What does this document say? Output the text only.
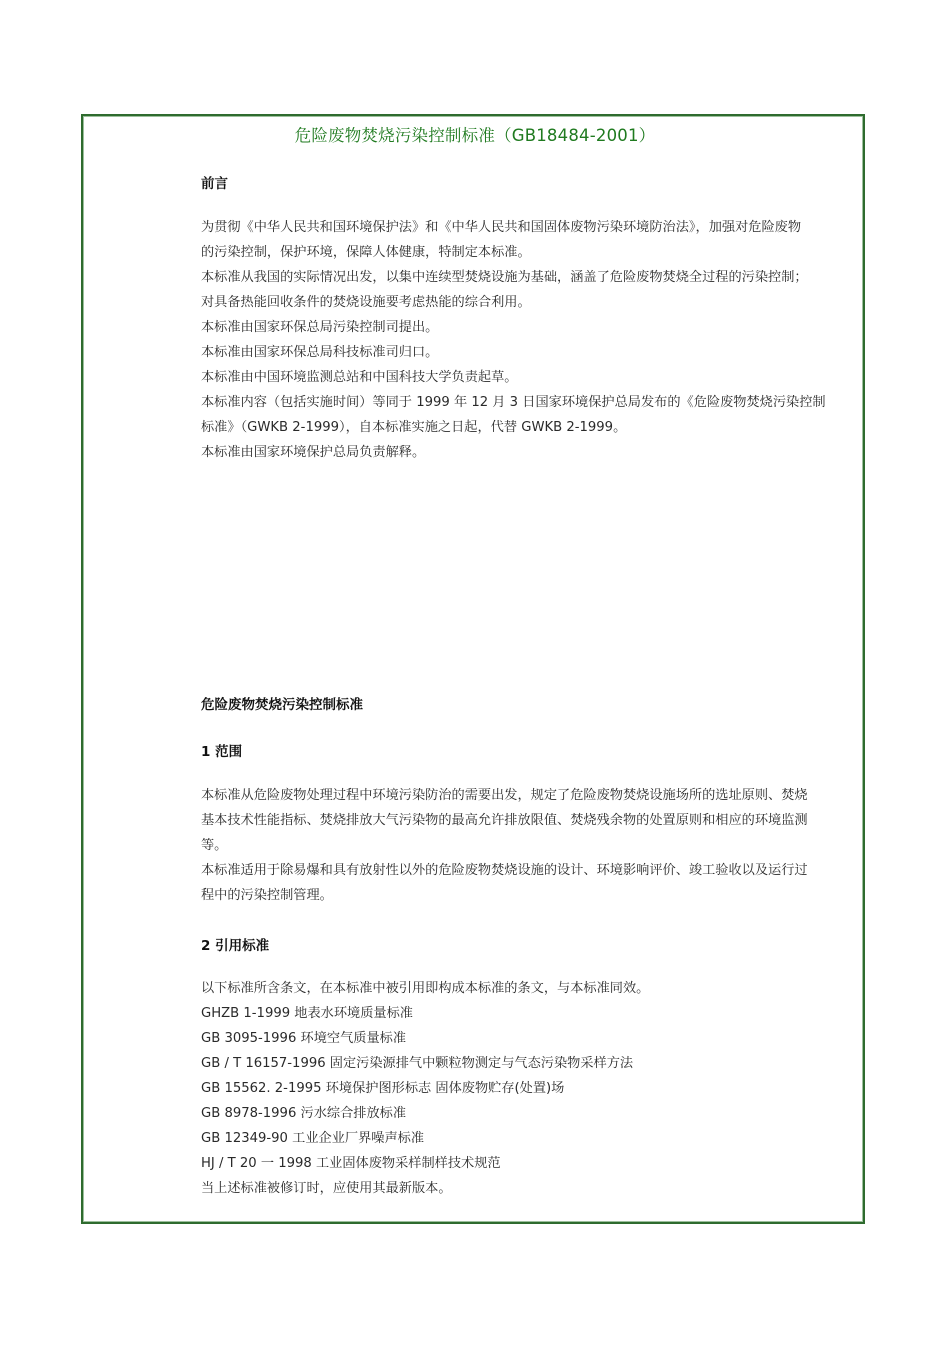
危险废物焚烧污染控制标准（GB18484-2001）
前言
为贯彻《中华人民共和国环境保护法》和《中华人民共和国固体废物污染环境防治法》，加强对危险废物
的污染控制，保护环境，保障人体健康，特制定本标准。
本标准从我国的实际情况出发，以集中连续型焚烧设施为基础，涵盖了危险废物焚烧全过程的污染控制；
对具备热能回收条件的焚烧设施要考虑热能的综合利用。
本标准由国家环保总局污染控制司提出。
本标准由国家环保总局科技标准司归口。
本标准由中国环境监测总站和中国科技大学负责起草。
本标准内容（包括实施时间）等同于 1999 年 12 月 3 日国家环境保护总局发布的《危险废物焚烧污染控制
标准》（GWKB 2-1999），自本标准实施之日起，代替 GWKB 2-1999。
本标准由国家环境保护总局负责解释。
危险废物焚烧污染控制标准
1 范围
本标准从危险废物处理过程中环境污染防治的需要出发，规定了危险废物焚烧设施场所的选址原则、焚烧
基本技术性能指标、焚烧排放大气污染物的最高允许排放限值、焚烧残余物的处置原则和相应的环境监测
等。
本标准适用于除易爆和具有放射性以外的危险废物焚烧设施的设计、环境影响评价、竣工验收以及运行过
程中的污染控制管理。
2 引用标准
以下标准所含条文，在本标准中被引用即构成本标准的条文，与本标准同效。
GHZB 1-1999 地表水环境质量标准
GB 3095-1996 环境空气质量标准
GB / T 16157-1996 固定污染源排气中颗粒物测定与气态污染物采样方法
GB 15562. 2-1995 环境保护图形标志 固体废物贮存(处置)场
GB 8978-1996 污水综合排放标准
GB 12349-90 工业企业厂界噪声标准
HJ / T 20 一 1998 工业固体废物采样制样技术规范
当上述标准被修订时，应使用其最新版本。
